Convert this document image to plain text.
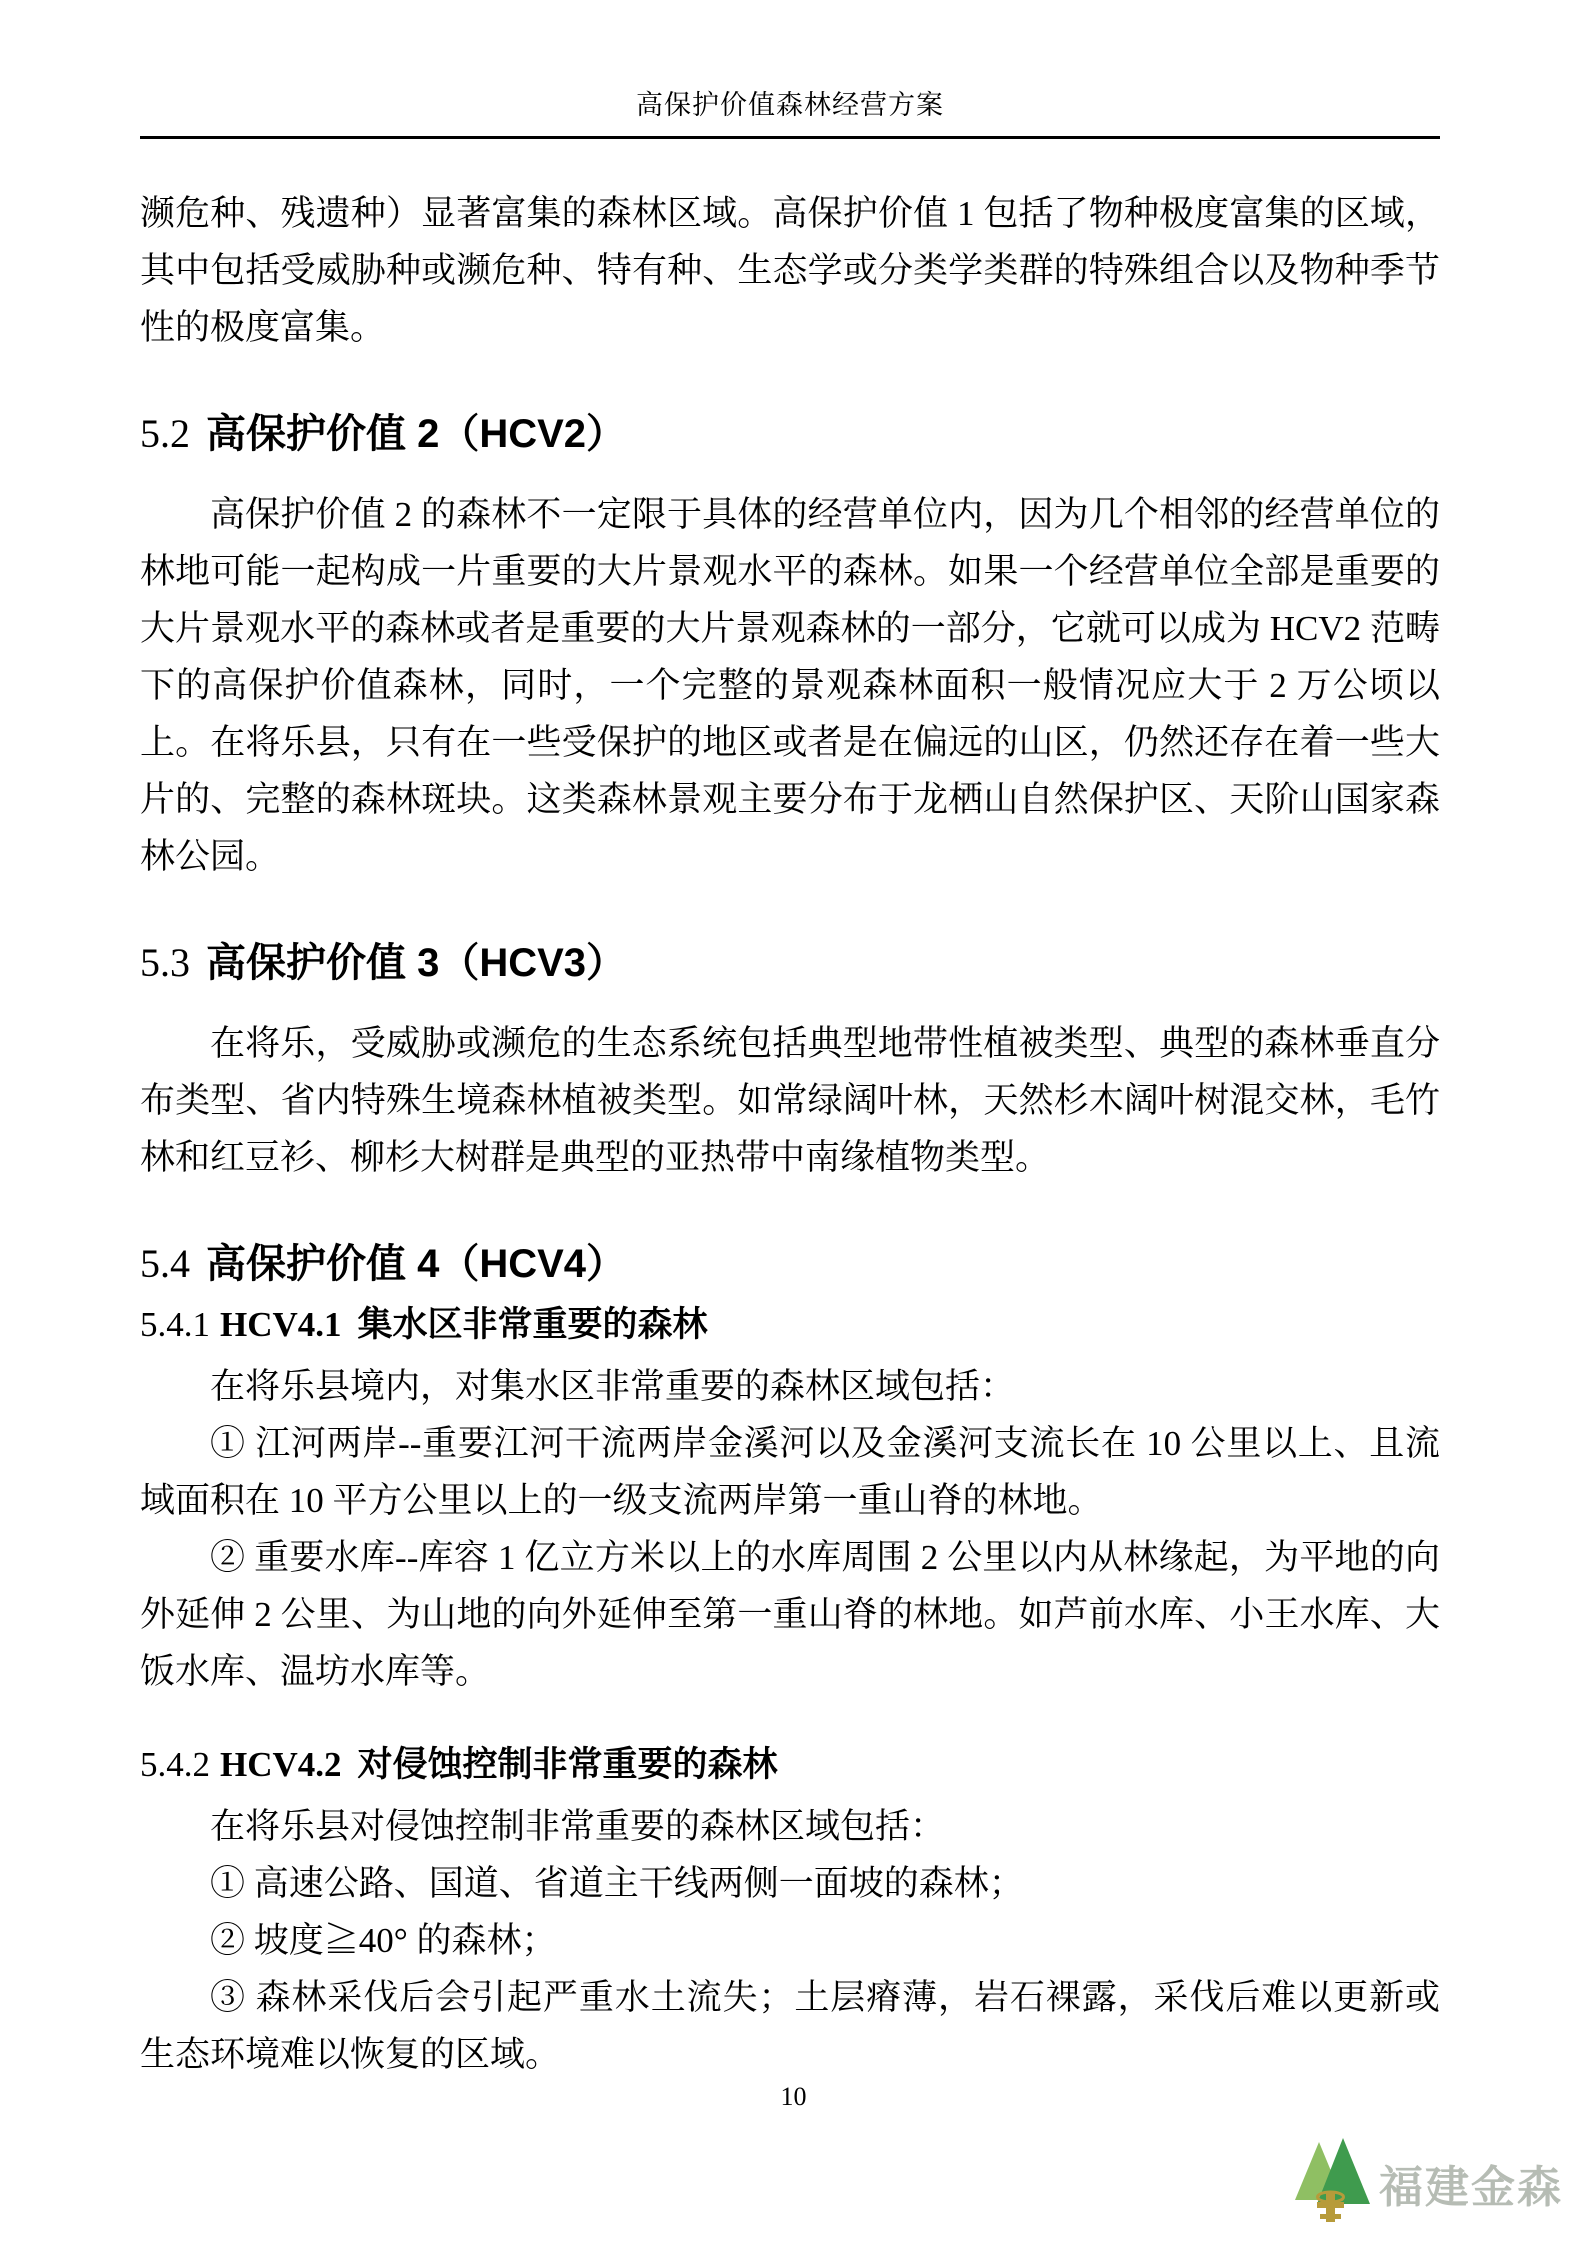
高保护价值森林经营方案

濒危种、残遗种）显著富集的森林区域。高保护价值 1 包括了物种极度富集的区域，其中包括受威胁种或濒危种、特有种、生态学或分类学类群的特殊组合以及物种季节性的极度富集。

5.2 高保护价值 2（HCV2）

高保护价值 2 的森林不一定限于具体的经营单位内，因为几个相邻的经营单位的林地可能一起构成一片重要的大片景观水平的森林。如果一个经营单位全部是重要的大片景观水平的森林或者是重要的大片景观森林的一部分，它就可以成为 HCV2 范畴下的高保护价值森林，同时，一个完整的景观森林面积一般情况应大于 2 万公顷以上。在将乐县，只有在一些受保护的地区或者是在偏远的山区，仍然还存在着一些大片的、完整的森林斑块。这类森林景观主要分布于龙栖山自然保护区、天阶山国家森林公园。

5.3 高保护价值 3（HCV3）

在将乐，受威胁或濒危的生态系统包括典型地带性植被类型、典型的森林垂直分布类型、省内特殊生境森林植被类型。如常绿阔叶林，天然杉木阔叶树混交林，毛竹林和红豆衫、柳杉大树群是典型的亚热带中南缘植物类型。

5.4 高保护价值 4（HCV4）
5.4.1 HCV4.1 集水区非常重要的森林

在将乐县境内，对集水区非常重要的森林区域包括：

① 江河两岸--重要江河干流两岸金溪河以及金溪河支流长在 10 公里以上、且流域面积在 10 平方公里以上的一级支流两岸第一重山脊的林地。

② 重要水库--库容 1 亿立方米以上的水库周围 2 公里以内从林缘起，为平地的向外延伸 2 公里、为山地的向外延伸至第一重山脊的林地。如芦前水库、小王水库、大饭水库、温坊水库等。

5.4.2 HCV4.2 对侵蚀控制非常重要的森林

在将乐县对侵蚀控制非常重要的森林区域包括：

① 高速公路、国道、省道主干线两侧一面坡的森林；

② 坡度≧40° 的森林；

③ 森林采伐后会引起严重水土流失；土层瘠薄，岩石裸露，采伐后难以更新或生态环境难以恢复的区域。

10
福建金森
